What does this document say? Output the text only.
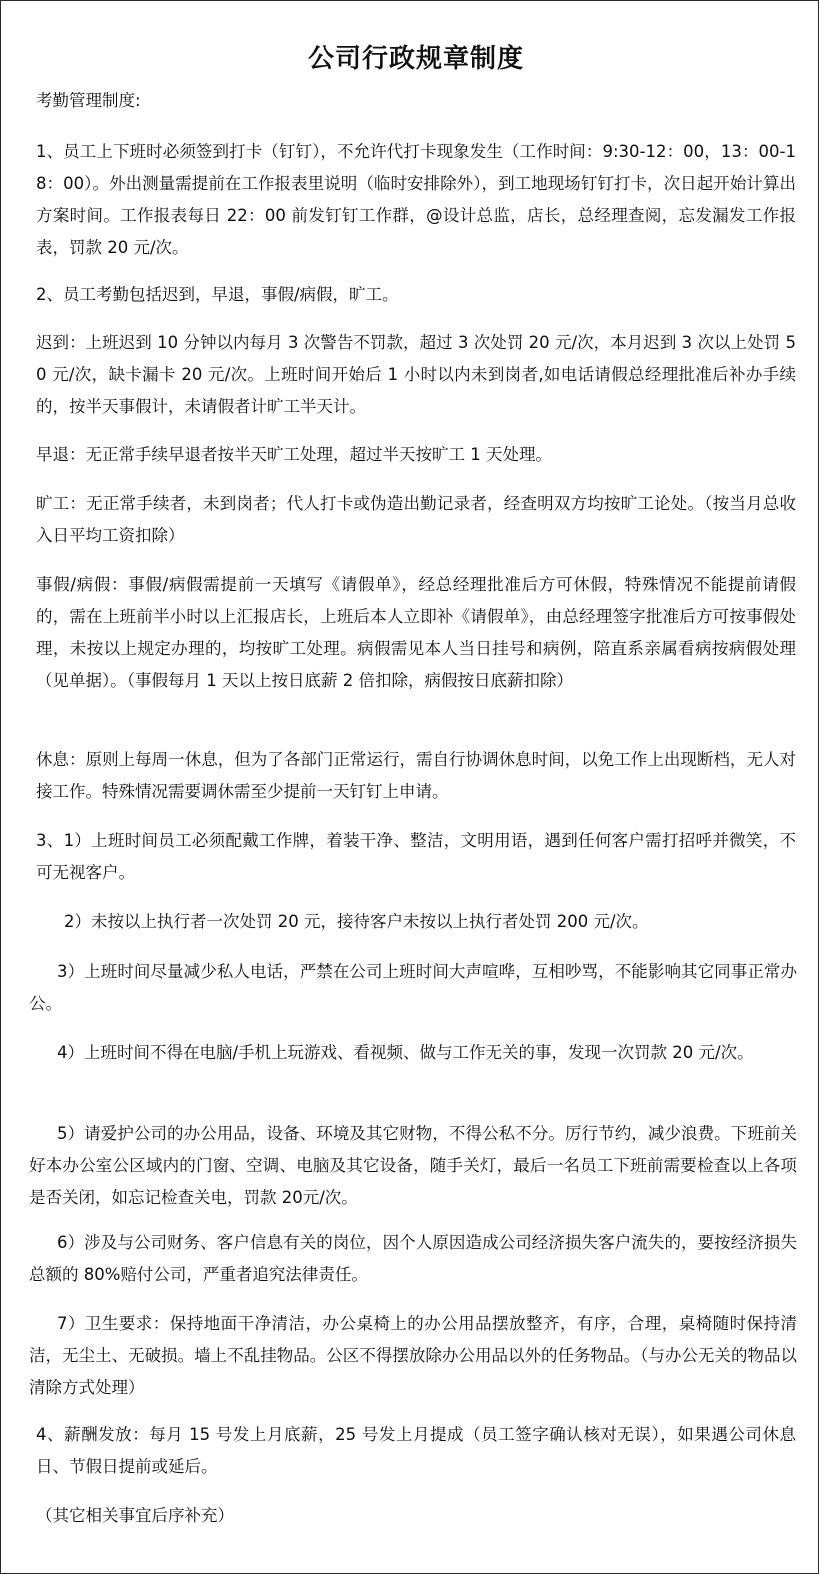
公司行政规章制度

考勤管理制度:

1、员工上下班时必须签到打卡（钉钉），不允许代打卡现象发生（工作时间：9:30-12：00，13：00-18：00）。外出测量需提前在工作报表里说明（临时安排除外），到工地现场钉钉打卡，次日起开始计算出方案时间。工作报表每日 22：00 前发钉钉工作群，@设计总监，店长，总经理查阅，忘发漏发工作报表，罚款 20 元/次。

2、员工考勤包括迟到，早退，事假/病假，旷工。

迟到：上班迟到 10 分钟以内每月 3 次警告不罚款，超过 3 次处罚 20 元/次，本月迟到 3 次以上处罚 50 元/次，缺卡漏卡 20 元/次。上班时间开始后 1 小时以内未到岗者,如电话请假总经理批准后补办手续的，按半天事假计，未请假者计旷工半天计。

早退：无正常手续早退者按半天旷工处理，超过半天按旷工 1 天处理。

旷工：无正常手续者，未到岗者；代人打卡或伪造出勤记录者，经查明双方均按旷工论处。（按当月总收入日平均工资扣除）

事假/病假：事假/病假需提前一天填写《请假单》，经总经理批准后方可休假，特殊情况不能提前请假的，需在上班前半小时以上汇报店长，上班后本人立即补《请假单》，由总经理签字批准后方可按事假处理，未按以上规定办理的，均按旷工处理。病假需见本人当日挂号和病例，陪直系亲属看病按病假处理（见单据）。（事假每月 1 天以上按日底薪 2 倍扣除，病假按日底薪扣除）

休息：原则上每周一休息，但为了各部门正常运行，需自行协调休息时间，以免工作上出现断档，无人对接工作。特殊情况需要调休需至少提前一天钉钉上申请。

3、1）上班时间员工必须配戴工作牌，着装干净、整洁，文明用语，遇到任何客户需打招呼并微笑，不可无视客户。

2）未按以上执行者一次处罚 20 元，接待客户未按以上执行者处罚 200 元/次。

3）上班时间尽量减少私人电话，严禁在公司上班时间大声喧哗，互相吵骂，不能影响其它同事正常办公。

4）上班时间不得在电脑/手机上玩游戏、看视频、做与工作无关的事，发现一次罚款 20 元/次。

5）请爱护公司的办公用品，设备、环境及其它财物，不得公私不分。厉行节约，减少浪费。下班前关好本办公室公区域内的门窗、空调、电脑及其它设备，随手关灯，最后一名员工下班前需要检查以上各项是否关闭，如忘记检查关电，罚款 20元/次。

6）涉及与公司财务、客户信息有关的岗位，因个人原因造成公司经济损失客户流失的，要按经济损失总额的 80%赔付公司，严重者追究法律责任。

7）卫生要求：保持地面干净清洁，办公桌椅上的办公用品摆放整齐，有序，合理，桌椅随时保持清洁，无尘土、无破损。墙上不乱挂物品。公区不得摆放除办公用品以外的任务物品。（与办公无关的物品以清除方式处理）

4、薪酬发放：每月 15 号发上月底薪，25 号发上月提成（员工签字确认核对无误），如果遇公司休息日、节假日提前或延后。

（其它相关事宜后序补充）
